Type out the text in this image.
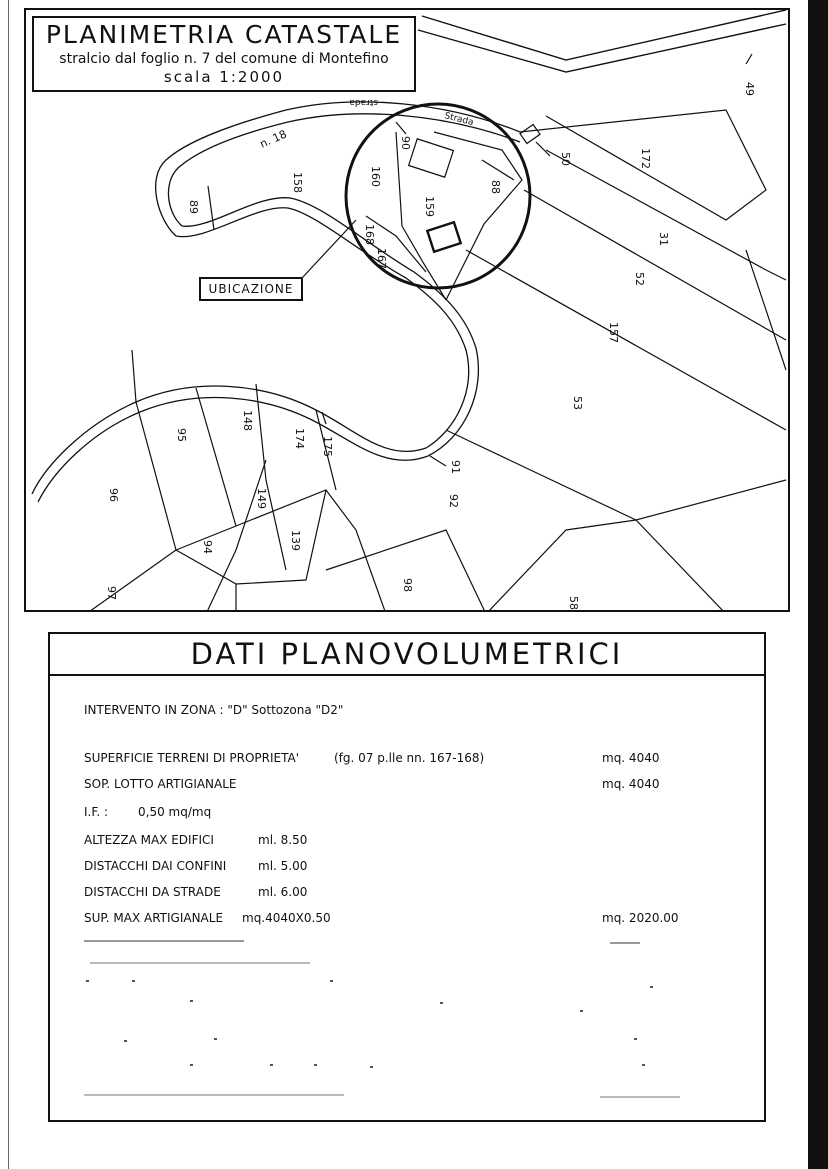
49
50	172
31
52
157
53
160
159
158
89
88
90
167
168
95
148
174 175
91
92
96	149
139
94
97
98
58
n. 18
strada
Strada
PLANIMETRIA CATASTALE
stralcio dal foglio n. 7 del comune di Montefino
scala 1:2000
UBICAZIONE
DATI PLANOVOLUMETRICI
INTERVENTO IN ZONA : "D" Sottozona "D2"
SUPERFICIE TERRENI DI PROPRIETA'	(fg. 07 p.lle nn. 167-168)	mq. 4040
SOP. LOTTO ARTIGIANALE	mq. 4040
I.F. :	0,50 mq/mq
ALTEZZA MAX EDIFICI	ml. 8.50
DISTACCHI DAI CONFINI	ml. 5.00
DISTACCHI DA STRADE	ml. 6.00
SUP. MAX ARTIGIANALE mq.4040X0.50	mq. 2020.00
